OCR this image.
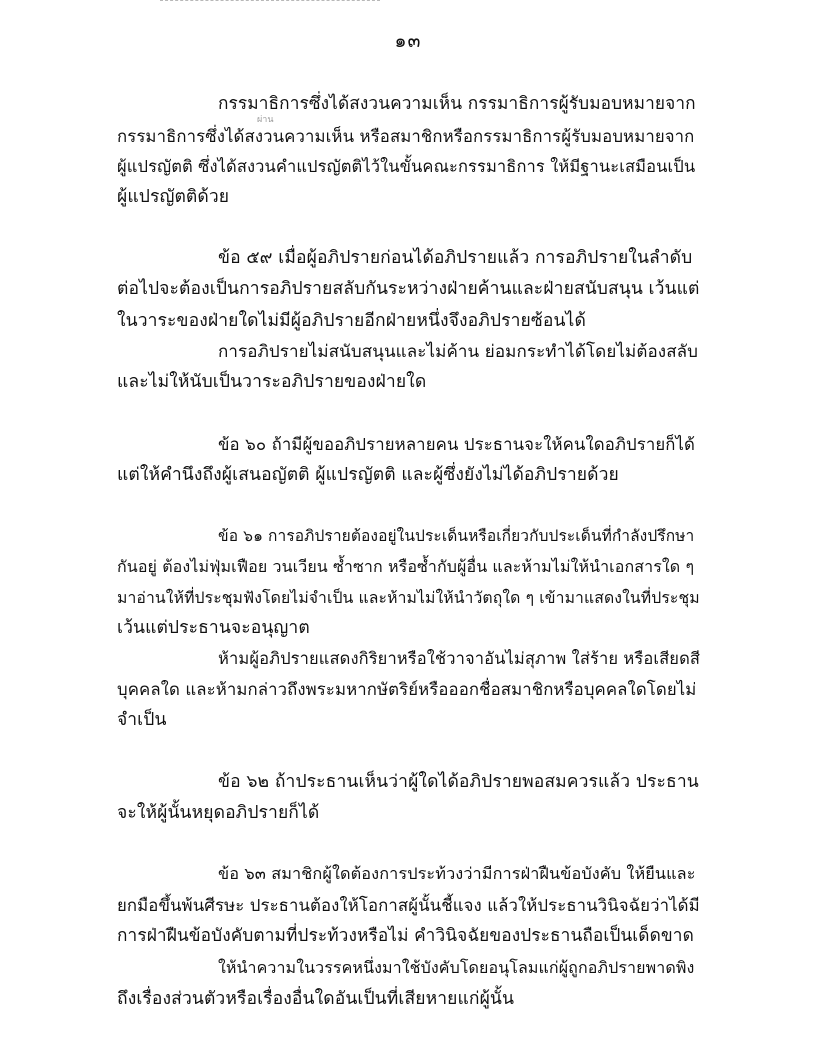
๑๓
ผ่าน
กรรมาธิการซึ่งได้สงวนความเห็น กรรมาธิการผู้รับมอบหมายจาก
กรรมาธิการซึ่งได้สงวนความเห็น หรือสมาชิกหรือกรรมาธิการผู้รับมอบหมายจาก
ผู้แปรญัตติ ซึ่งได้สงวนคำแปรญัตติไว้ในขั้นคณะกรรมาธิการ ให้มีฐานะเสมือนเป็น
ผู้แปรญัตติด้วย
ข้อ ๕๙ เมื่อผู้อภิปรายก่อนได้อภิปรายแล้ว การอภิปรายในลำดับ
ต่อไปจะต้องเป็นการอภิปรายสลับกันระหว่างฝ่ายค้านและฝ่ายสนับสนุน เว้นแต่
ในวาระของฝ่ายใดไม่มีผู้อภิปรายอีกฝ่ายหนึ่งจึงอภิปรายซ้อนได้
การอภิปรายไม่สนับสนุนและไม่ค้าน ย่อมกระทำได้โดยไม่ต้องสลับ
และไม่ให้นับเป็นวาระอภิปรายของฝ่ายใด
ข้อ ๖๐ ถ้ามีผู้ขออภิปรายหลายคน ประธานจะให้คนใดอภิปรายก็ได้
แต่ให้คำนึงถึงผู้เสนอญัตติ ผู้แปรญัตติ และผู้ซึ่งยังไม่ได้อภิปรายด้วย
ข้อ ๖๑ การอภิปรายต้องอยู่ในประเด็นหรือเกี่ยวกับประเด็นที่กำลังปรึกษา
กันอยู่ ต้องไม่ฟุ่มเฟือย วนเวียน ซ้ำซาก หรือซ้ำกับผู้อื่น และห้ามไม่ให้นำเอกสารใด ๆ
มาอ่านให้ที่ประชุมฟังโดยไม่จำเป็น และห้ามไม่ให้นำวัตถุใด ๆ เข้ามาแสดงในที่ประชุม
เว้นแต่ประธานจะอนุญาต
ห้ามผู้อภิปรายแสดงกิริยาหรือใช้วาจาอันไม่สุภาพ ใส่ร้าย หรือเสียดสี
บุคคลใด และห้ามกล่าวถึงพระมหากษัตริย์หรือออกชื่อสมาชิกหรือบุคคลใดโดยไม่
จำเป็น
ข้อ ๖๒ ถ้าประธานเห็นว่าผู้ใดได้อภิปรายพอสมควรแล้ว ประธาน
จะให้ผู้นั้นหยุดอภิปรายก็ได้
ข้อ ๖๓ สมาชิกผู้ใดต้องการประท้วงว่ามีการฝ่าฝืนข้อบังคับ ให้ยืนและ
ยกมือขึ้นพ้นศีรษะ ประธานต้องให้โอกาสผู้นั้นชี้แจง แล้วให้ประธานวินิจฉัยว่าได้มี
การฝ่าฝืนข้อบังคับตามที่ประท้วงหรือไม่ คำวินิจฉัยของประธานถือเป็นเด็ดขาด
ให้นำความในวรรคหนึ่งมาใช้บังคับโดยอนุโลมแก่ผู้ถูกอภิปรายพาดพิง
ถึงเรื่องส่วนตัวหรือเรื่องอื่นใดอันเป็นที่เสียหายแก่ผู้นั้น
